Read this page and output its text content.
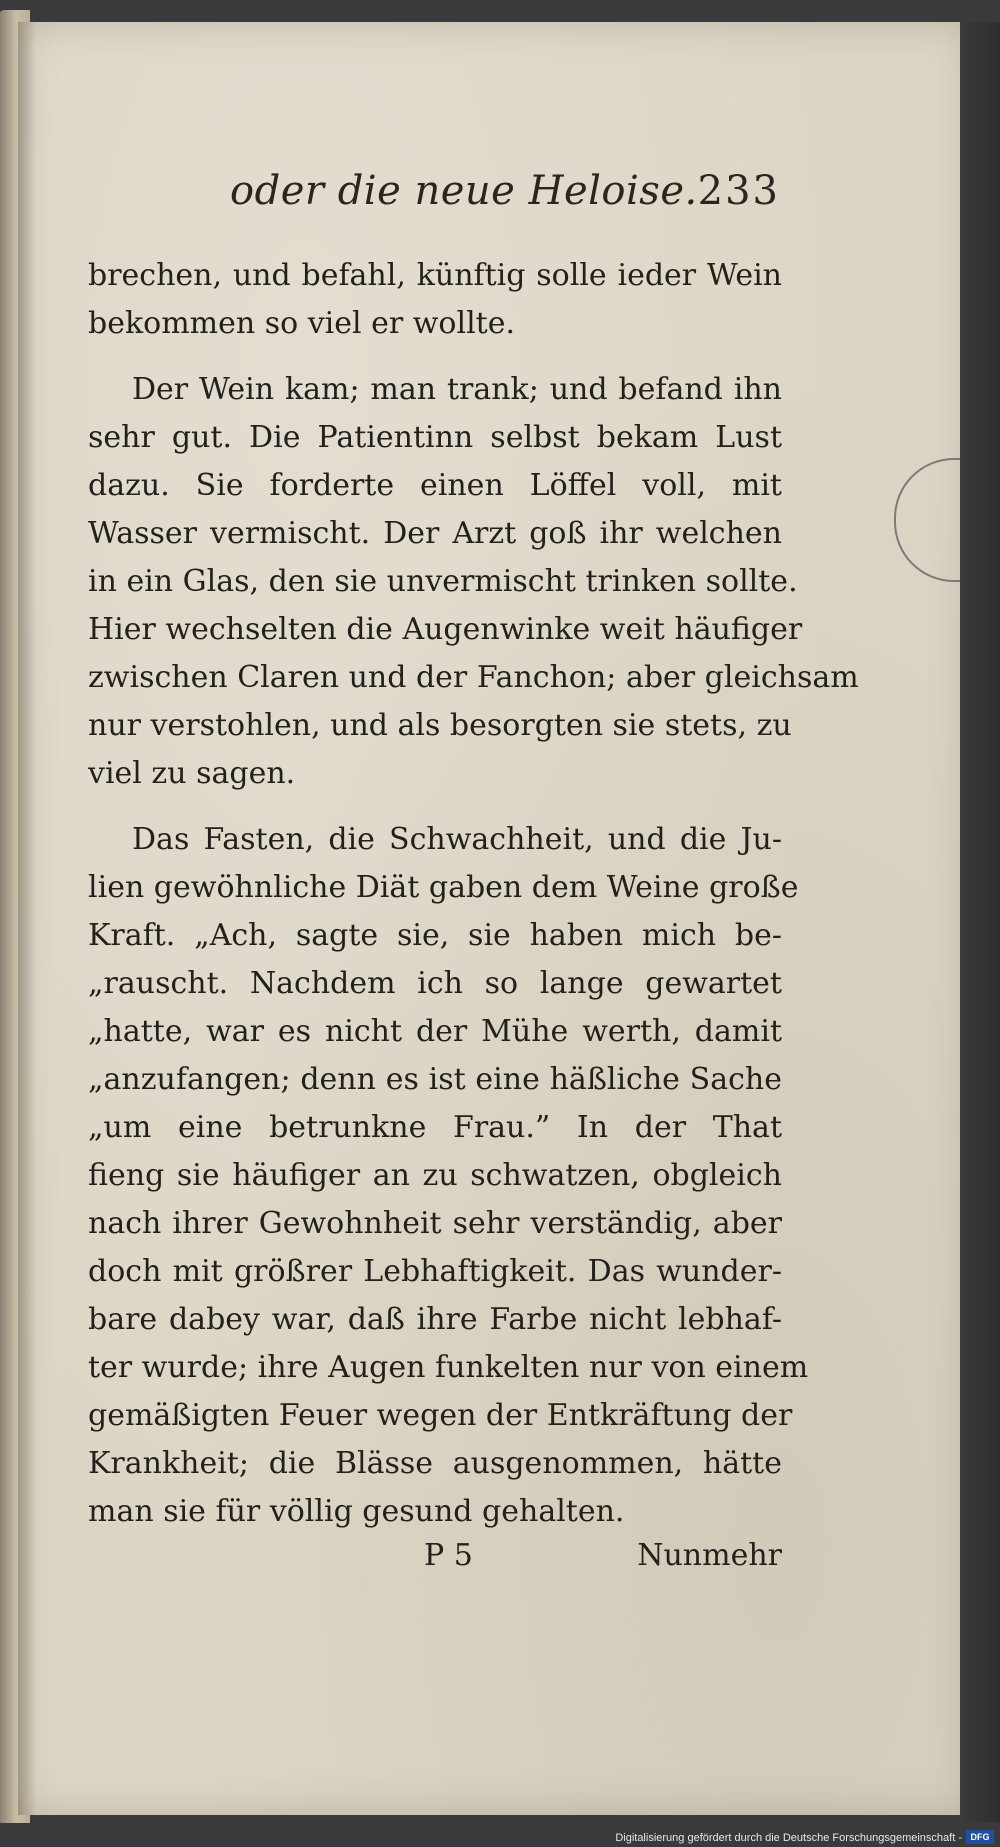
oder die neue Heloise. 233
brechen, und befahl, künftig solle ieder Wein
bekommen so viel er wollte.
Der Wein kam; man trank; und befand ihn
sehr gut. Die Patientinn selbst bekam Lust
dazu. Sie forderte einen Löffel voll, mit
Wasser vermischt. Der Arzt goß ihr welchen
in ein Glas, den sie unvermischt trinken sollte.
Hier wechselten die Augenwinke weit häufiger
zwischen Claren und der Fanchon; aber gleichsam
nur verstohlen, und als besorgten sie stets, zu
viel zu sagen.
Das Fasten, die Schwachheit, und die Ju-
lien gewöhnliche Diät gaben dem Weine große
Kraft. „Ach, sagte sie, sie haben mich be-
„rauscht. Nachdem ich so lange gewartet
„hatte, war es nicht der Mühe werth, damit
„anzufangen; denn es ist eine häßliche Sache
„um eine betrunkne Frau.” In der That
fieng sie häufiger an zu schwatzen, obgleich
nach ihrer Gewohnheit sehr verständig, aber
doch mit größrer Lebhaftigkeit. Das wunder-
bare dabey war, daß ihre Farbe nicht lebhaf-
ter wurde; ihre Augen funkelten nur von einem
gemäßigten Feuer wegen der Entkräftung der
Krankheit; die Blässe ausgenommen, hätte
man sie für völlig gesund gehalten.
P 5	Nunmehr
Digitalisierung gefördert durch die Deutsche Forschungsgemeinschaft - DFG
